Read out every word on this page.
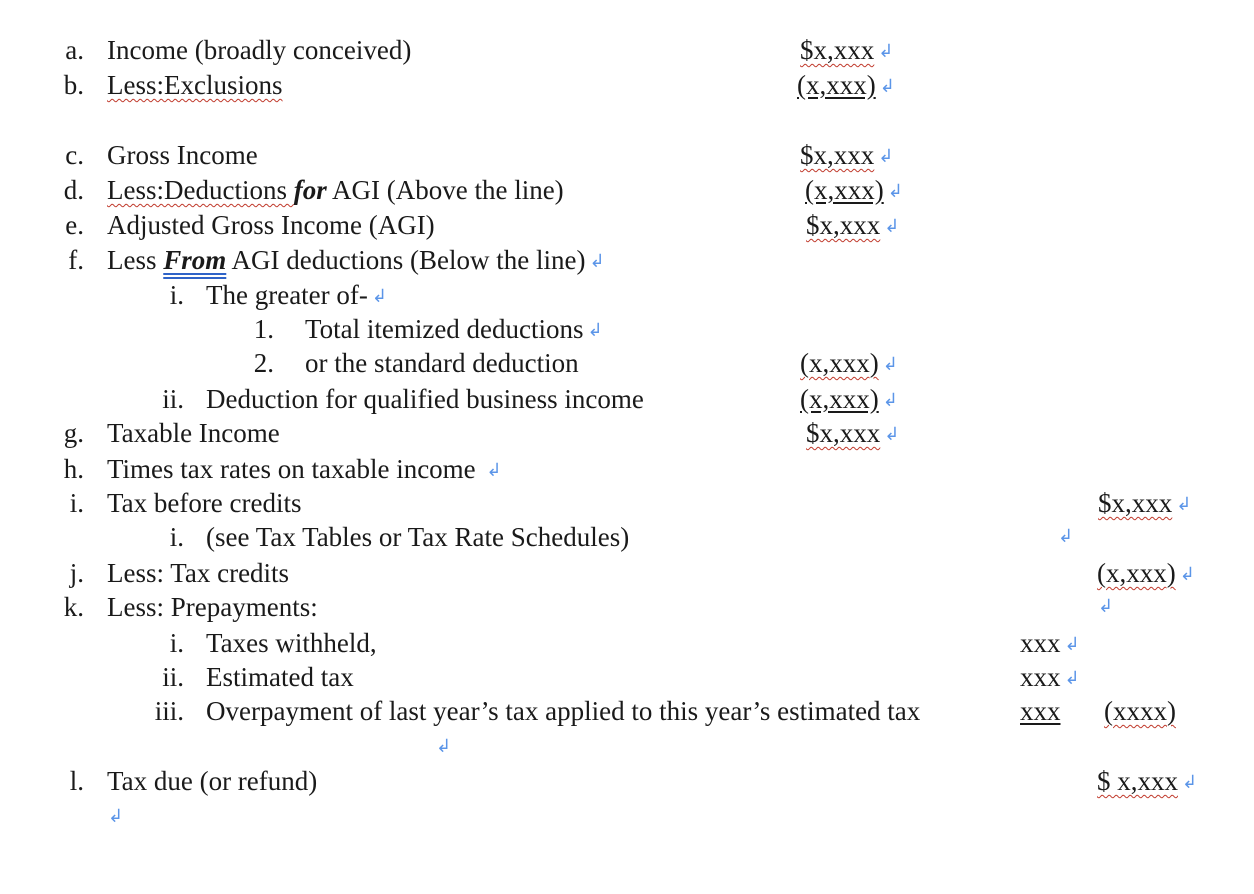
a. Income (broadly conceived)	$x,xxx ↲
b. Less:Exclusions	(x,xxx) ↲
c. Gross Income	$x,xxx ↲
d. Less:Deductions for AGI (Above the line)	(x,xxx) ↲
e. Adjusted Gross Income (AGI)	$x,xxx ↲
f. Less From AGI deductions (Below the line) ↲
i. The greater of- ↲
1. Total itemized deductions ↲
2. or the standard deduction	(x,xxx) ↲
ii. Deduction for qualified business income	(x,xxx) ↲
g. Taxable Income	$x,xxx ↲
h. Times tax rates on taxable income ↲
i. Tax before credits	$x,xxx ↲
i. (see Tax Tables or Tax Rate Schedules)	↲
j. Less: Tax credits	(x,xxx) ↲
k. Less: Prepayments:	↲
i. Taxes withheld,	xxx ↲
ii. Estimated tax	xxx ↲
iii. Overpayment of last year’s tax applied to this year’s estimated tax	xxx (xxxx)
↲
l. Tax due (or refund)	$ x,xxx ↲
↲
